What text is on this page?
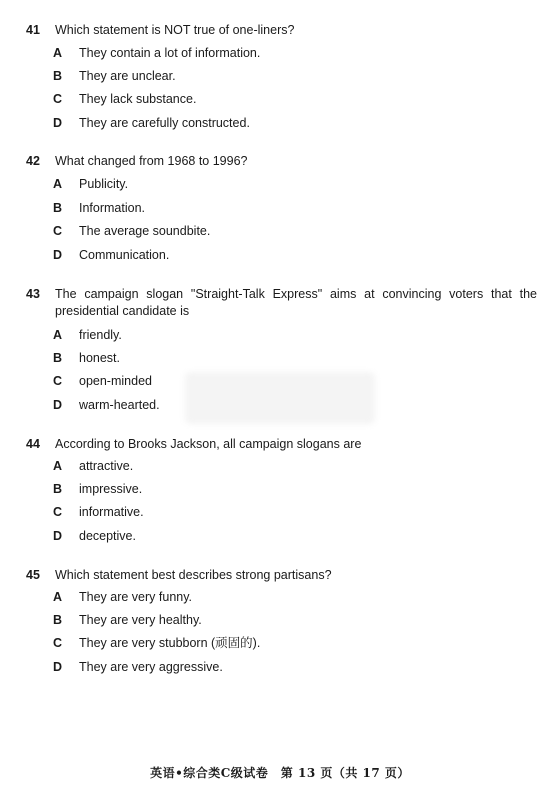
41 Which statement is NOT true of one-liners?
A They contain a lot of information.
B They are unclear.
C They lack substance.
D They are carefully constructed.
42 What changed from 1968 to 1996?
A Publicity.
B Information.
C The average soundbite.
D Communication.
43 The campaign slogan "Straight-Talk Express" aims at convincing voters that the presidential candidate is
A friendly.
B honest.
C open-minded
D warm-hearted.
44 According to Brooks Jackson, all campaign slogans are
A attractive.
B impressive.
C informative.
D deceptive.
45 Which statement best describes strong partisans?
A They are very funny.
B They are very healthy.
C They are very stubborn (顽固的).
D They are very aggressive.
英语•综合类C级试卷　第 13 页（共 17 页）
